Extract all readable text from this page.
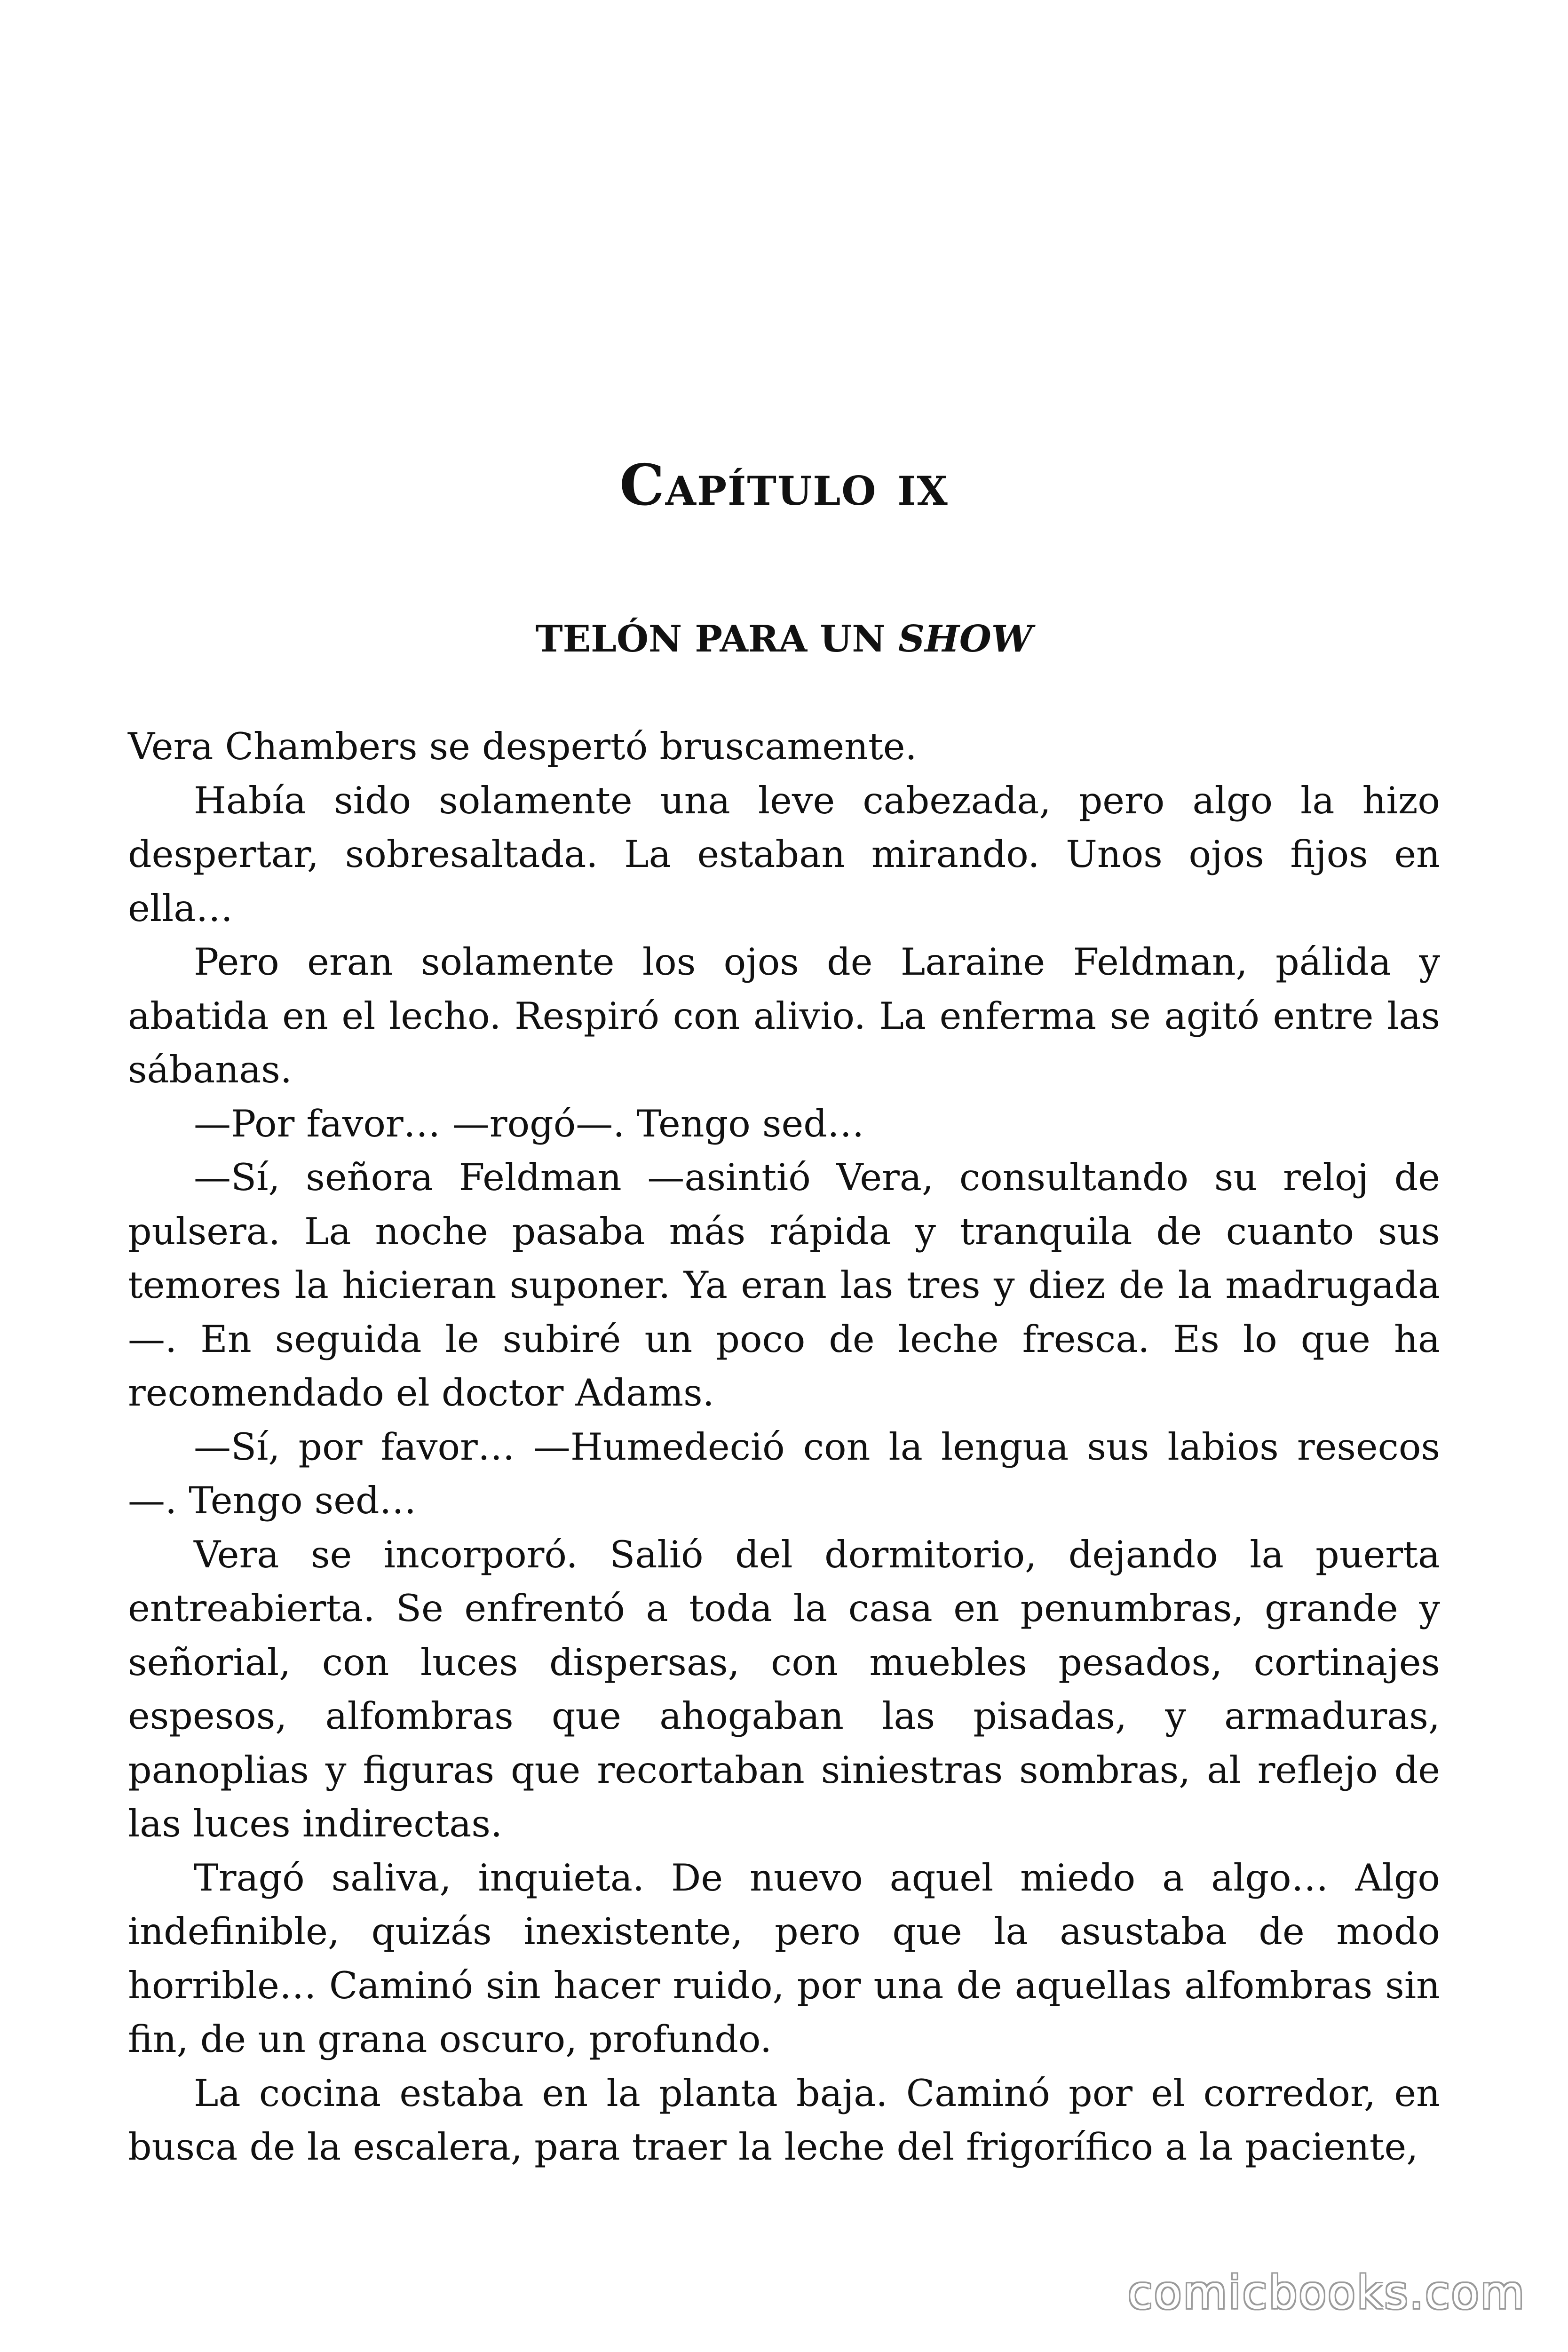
Capítulo ix
TELÓN PARA UN SHOW

Vera Chambers se despertó bruscamente.

Había sido solamente una leve cabezada, pero algo la hizo despertar, sobresaltada. La estaban mirando. Unos ojos fijos en ella…

Pero eran solamente los ojos de Laraine Feldman, pálida y abatida en el lecho. Respiró con alivio. La enferma se agitó entre las sábanas.

—Por favor… —rogó—. Tengo sed…

—Sí, señora Feldman —asintió Vera, consultando su reloj de pulsera. La noche pasaba más rápida y tranquila de cuanto sus temores la hicieran suponer. Ya eran las tres y diez de la madrugada —. En seguida le subiré un poco de leche fresca. Es lo que ha recomendado el doctor Adams.

—Sí, por favor… —Humedeció con la lengua sus labios resecos —. Tengo sed…

Vera se incorporó. Salió del dormitorio, dejando la puerta entreabierta. Se enfrentó a toda la casa en penumbras, grande y señorial, con luces dispersas, con muebles pesados, cortinajes espesos, alfombras que ahogaban las pisadas, y armaduras, panoplias y figuras que recortaban siniestras sombras, al reflejo de las luces indirectas.

Tragó saliva, inquieta. De nuevo aquel miedo a algo… Algo indefinible, quizás inexistente, pero que la asustaba de modo horrible… Caminó sin hacer ruido, por una de aquellas alfombras sin fin, de un grana oscuro, profundo.

La cocina estaba en la planta baja. Caminó por el corredor, en busca de la escalera, para traer la leche del frigorífico a la paciente,

comicbooks.com
